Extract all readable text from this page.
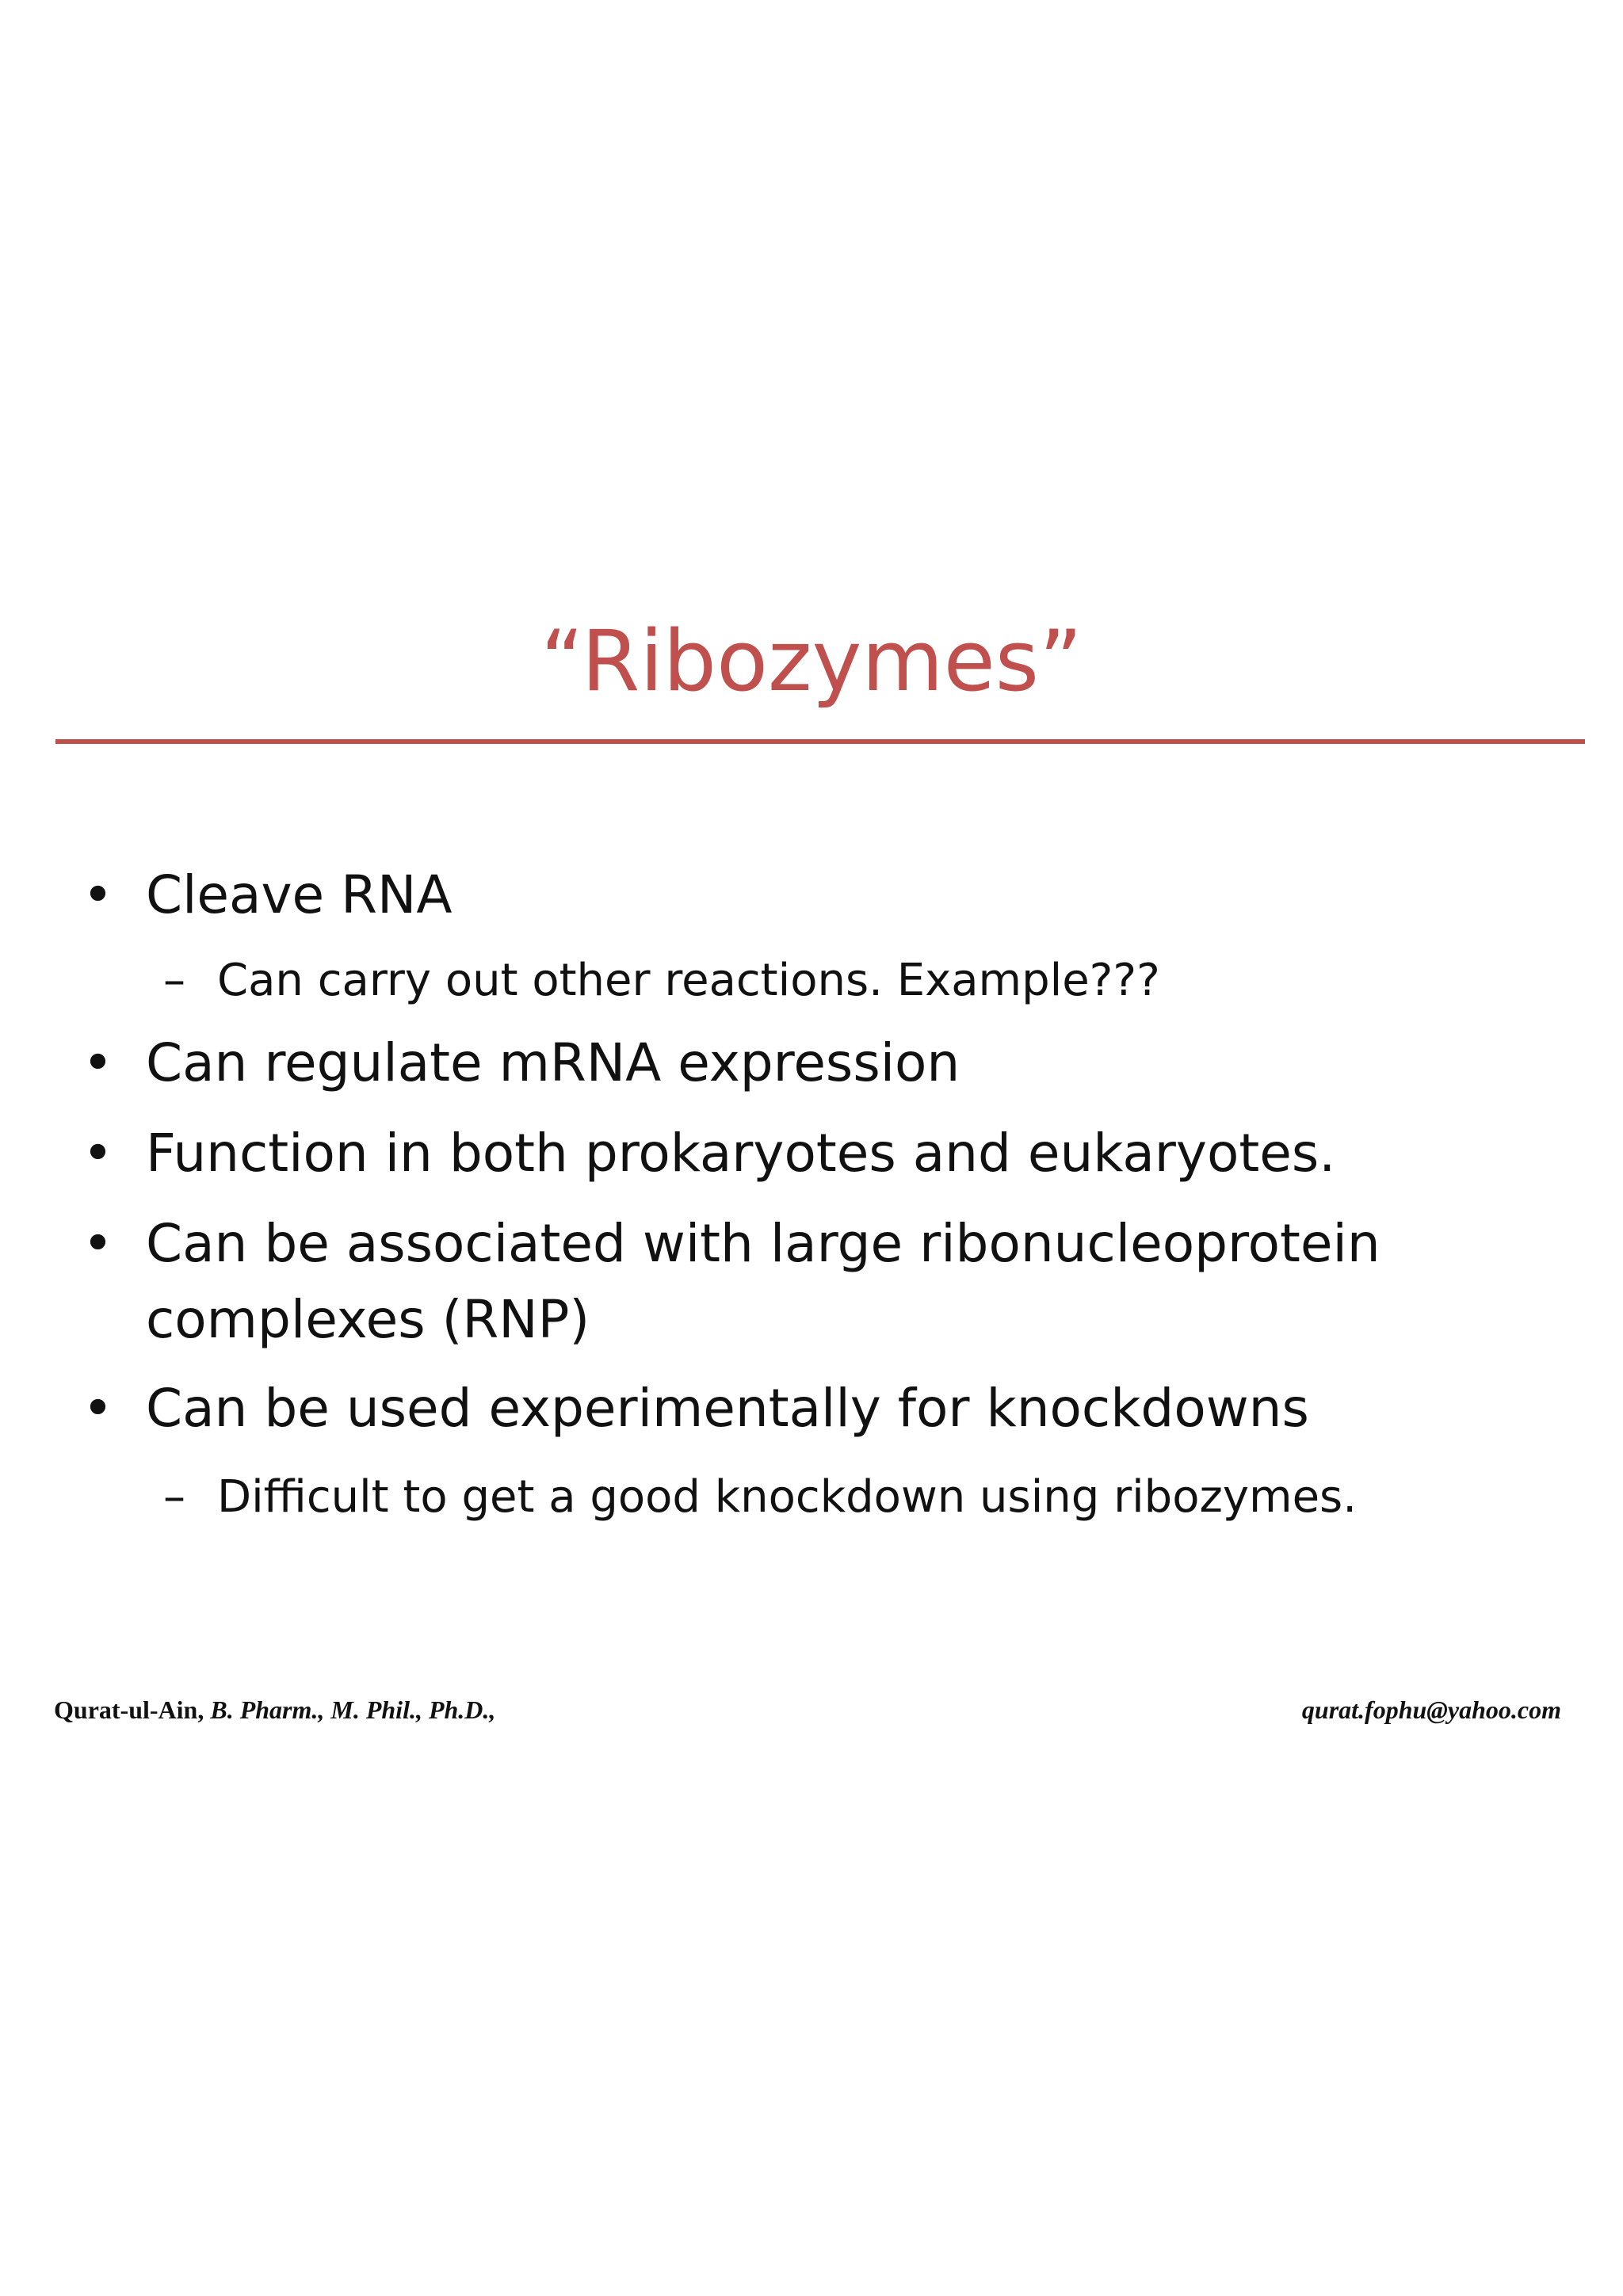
“Ribozymes”
• Cleave RNA
– Can carry out other reactions. Example???
• Can regulate mRNA expression
• Function in both prokaryotes and eukaryotes.
• Can be associated with large ribonucleoprotein complexes (RNP)
• Can be used experimentally for knockdowns
– Difficult to get a good knockdown using ribozymes.
Qurat-ul-Ain, B. Pharm., M. Phil., Ph.D.,	qurat.fophu@yahoo.com
